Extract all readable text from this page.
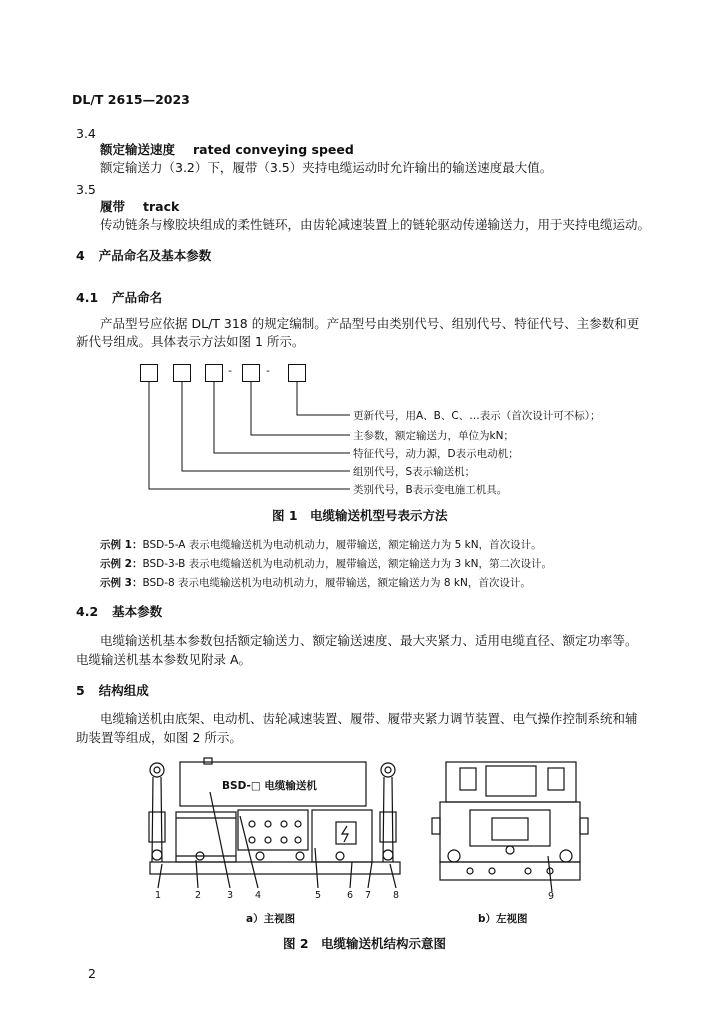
DL/T 2615—2023
3.4
额定输送速度 rated conveying speed
额定输送力（3.2）下，履带（3.5）夹持电缆运动时允许输出的输送速度最大值。
3.5
履带 track
传动链条与橡胶块组成的柔性链环，由齿轮减速装置上的链轮驱动传递输送力，用于夹持电缆运动。
4 产品命名及基本参数
4.1 产品命名
产品型号应依据 DL/T 318 的规定编制。产品型号由类别代号、组别代号、特征代号、主参数和更
新代号组成。具体表示方法如图 1 所示。
-	-
更新代号，用A、B、C、…表示（首次设计可不标）；
主参数，额定输送力，单位为kN；
特征代号，动力源，D表示电动机；
组别代号，S表示输送机；
类别代号，B表示变电施工机具。
图 1　电缆输送机型号表示方法
示例 1：BSD-5-A 表示电缆输送机为电动机动力，履带输送，额定输送力为 5 kN，首次设计。
示例 2：BSD-3-B 表示电缆输送机为电动机动力，履带输送，额定输送力为 3 kN，第二次设计。
示例 3：BSD-8 表示电缆输送机为电动机动力，履带输送，额定输送力为 8 kN，首次设计。
4.2 基本参数
电缆输送机基本参数包括额定输送力、额定输送速度、最大夹紧力、适用电缆直径、额定功率等。
电缆输送机基本参数见附录 A。
5 结构组成
电缆输送机由底架、电动机、齿轮减速装置、履带、履带夹紧力调节装置、电气操作控制系统和辅
助装置等组成，如图 2 所示。
BSD-□ 电缆输送机
1	2	3 4	5	6 7 8	9
a）主视图	b）左视图
图 2　电缆输送机结构示意图
2
